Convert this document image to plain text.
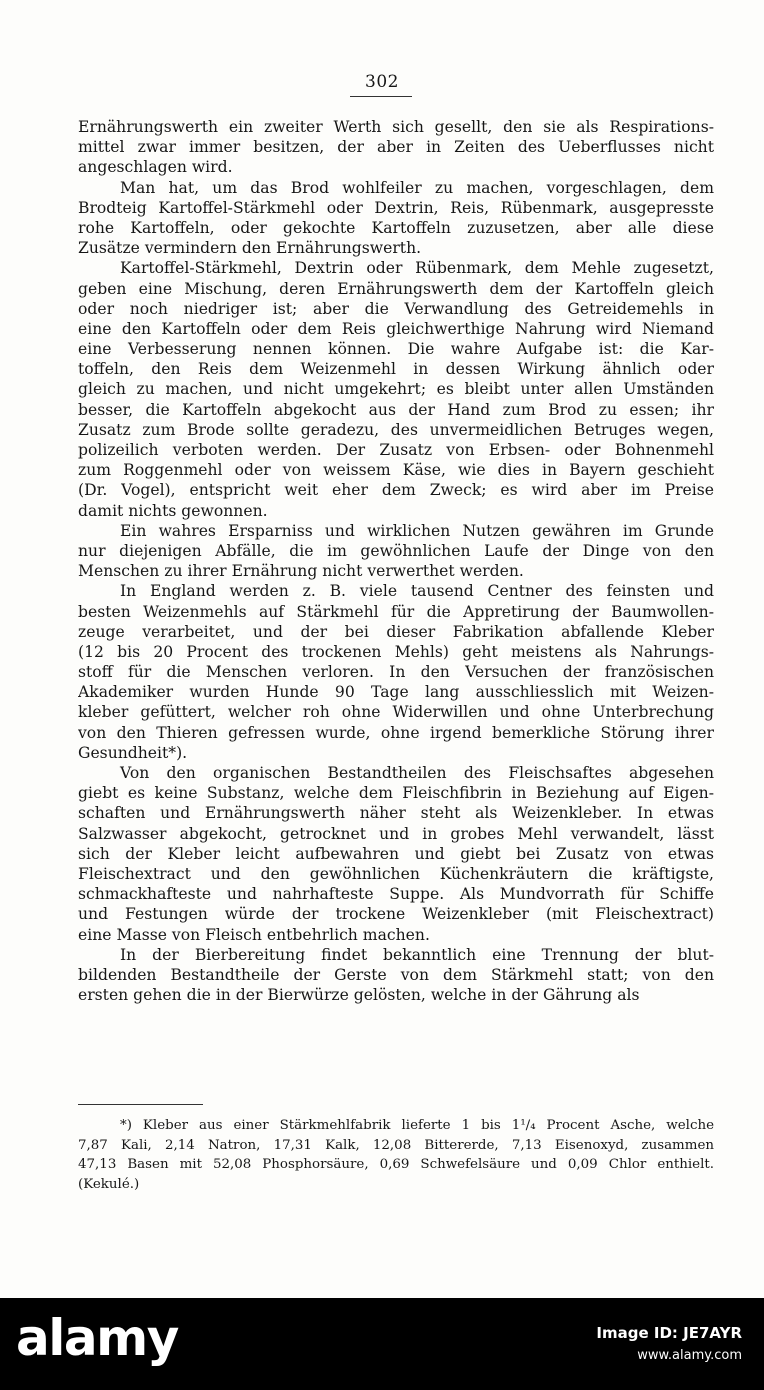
302
Ernährungswerth ein zweiter Werth sich gesellt, den sie als Respirations-
mittel zwar immer besitzen, der aber in Zeiten des Ueberflusses nicht
angeschlagen wird.
Man hat, um das Brod wohlfeiler zu machen, vorgeschlagen, dem
Brodteig Kartoffel-Stärkmehl oder Dextrin, Reis, Rübenmark, ausgepresste
rohe Kartoffeln, oder gekochte Kartoffeln zuzusetzen, aber alle diese
Zusätze vermindern den Ernährungswerth.
Kartoffel-Stärkmehl, Dextrin oder Rübenmark, dem Mehle zugesetzt,
geben eine Mischung, deren Ernährungswerth dem der Kartoffeln gleich
oder noch niedriger ist; aber die Verwandlung des Getreidemehls in
eine den Kartoffeln oder dem Reis gleichwerthige Nahrung wird Niemand
eine Verbesserung nennen können. Die wahre Aufgabe ist: die Kar-
toffeln, den Reis dem Weizenmehl in dessen Wirkung ähnlich oder
gleich zu machen, und nicht umgekehrt; es bleibt unter allen Umständen
besser, die Kartoffeln abgekocht aus der Hand zum Brod zu essen; ihr
Zusatz zum Brode sollte geradezu, des unvermeidlichen Betruges wegen,
polizeilich verboten werden. Der Zusatz von Erbsen- oder Bohnenmehl
zum Roggenmehl oder von weissem Käse, wie dies in Bayern geschieht
(Dr. Vogel), entspricht weit eher dem Zweck; es wird aber im Preise
damit nichts gewonnen.
Ein wahres Ersparniss und wirklichen Nutzen gewähren im Grunde
nur diejenigen Abfälle, die im gewöhnlichen Laufe der Dinge von den
Menschen zu ihrer Ernährung nicht verwerthet werden.
In England werden z. B. viele tausend Centner des feinsten und
besten Weizenmehls auf Stärkmehl für die Appretirung der Baumwollen-
zeuge verarbeitet, und der bei dieser Fabrikation abfallende Kleber
(12 bis 20 Procent des trockenen Mehls) geht meistens als Nahrungs-
stoff für die Menschen verloren. In den Versuchen der französischen
Akademiker wurden Hunde 90 Tage lang ausschliesslich mit Weizen-
kleber gefüttert, welcher roh ohne Widerwillen und ohne Unterbrechung
von den Thieren gefressen wurde, ohne irgend bemerkliche Störung ihrer
Gesundheit*).
Von den organischen Bestandtheilen des Fleischsaftes abgesehen
giebt es keine Substanz, welche dem Fleischfibrin in Beziehung auf Eigen-
schaften und Ernährungswerth näher steht als Weizenkleber. In etwas
Salzwasser abgekocht, getrocknet und in grobes Mehl verwandelt, lässt
sich der Kleber leicht aufbewahren und giebt bei Zusatz von etwas
Fleischextract und den gewöhnlichen Küchenkräutern die kräftigste,
schmackhafteste und nahrhafteste Suppe. Als Mundvorrath für Schiffe
und Festungen würde der trockene Weizenkleber (mit Fleischextract)
eine Masse von Fleisch entbehrlich machen.
In der Bierbereitung findet bekanntlich eine Trennung der blut-
bildenden Bestandtheile der Gerste von dem Stärkmehl statt; von den
ersten gehen die in der Bierwürze gelösten, welche in der Gährung als
*) Kleber aus einer Stärkmehlfabrik lieferte 1 bis 1¹/₄ Procent Asche, welche
7,87 Kali, 2,14 Natron, 17,31 Kalk, 12,08 Bittererde, 7,13 Eisenoxyd, zusammen
47,13 Basen mit 52,08 Phosphorsäure, 0,69 Schwefelsäure und 0,09 Chlor enthielt.
(Kekulé.)
alamy	Image ID: JE7AYR
www.alamy.com
